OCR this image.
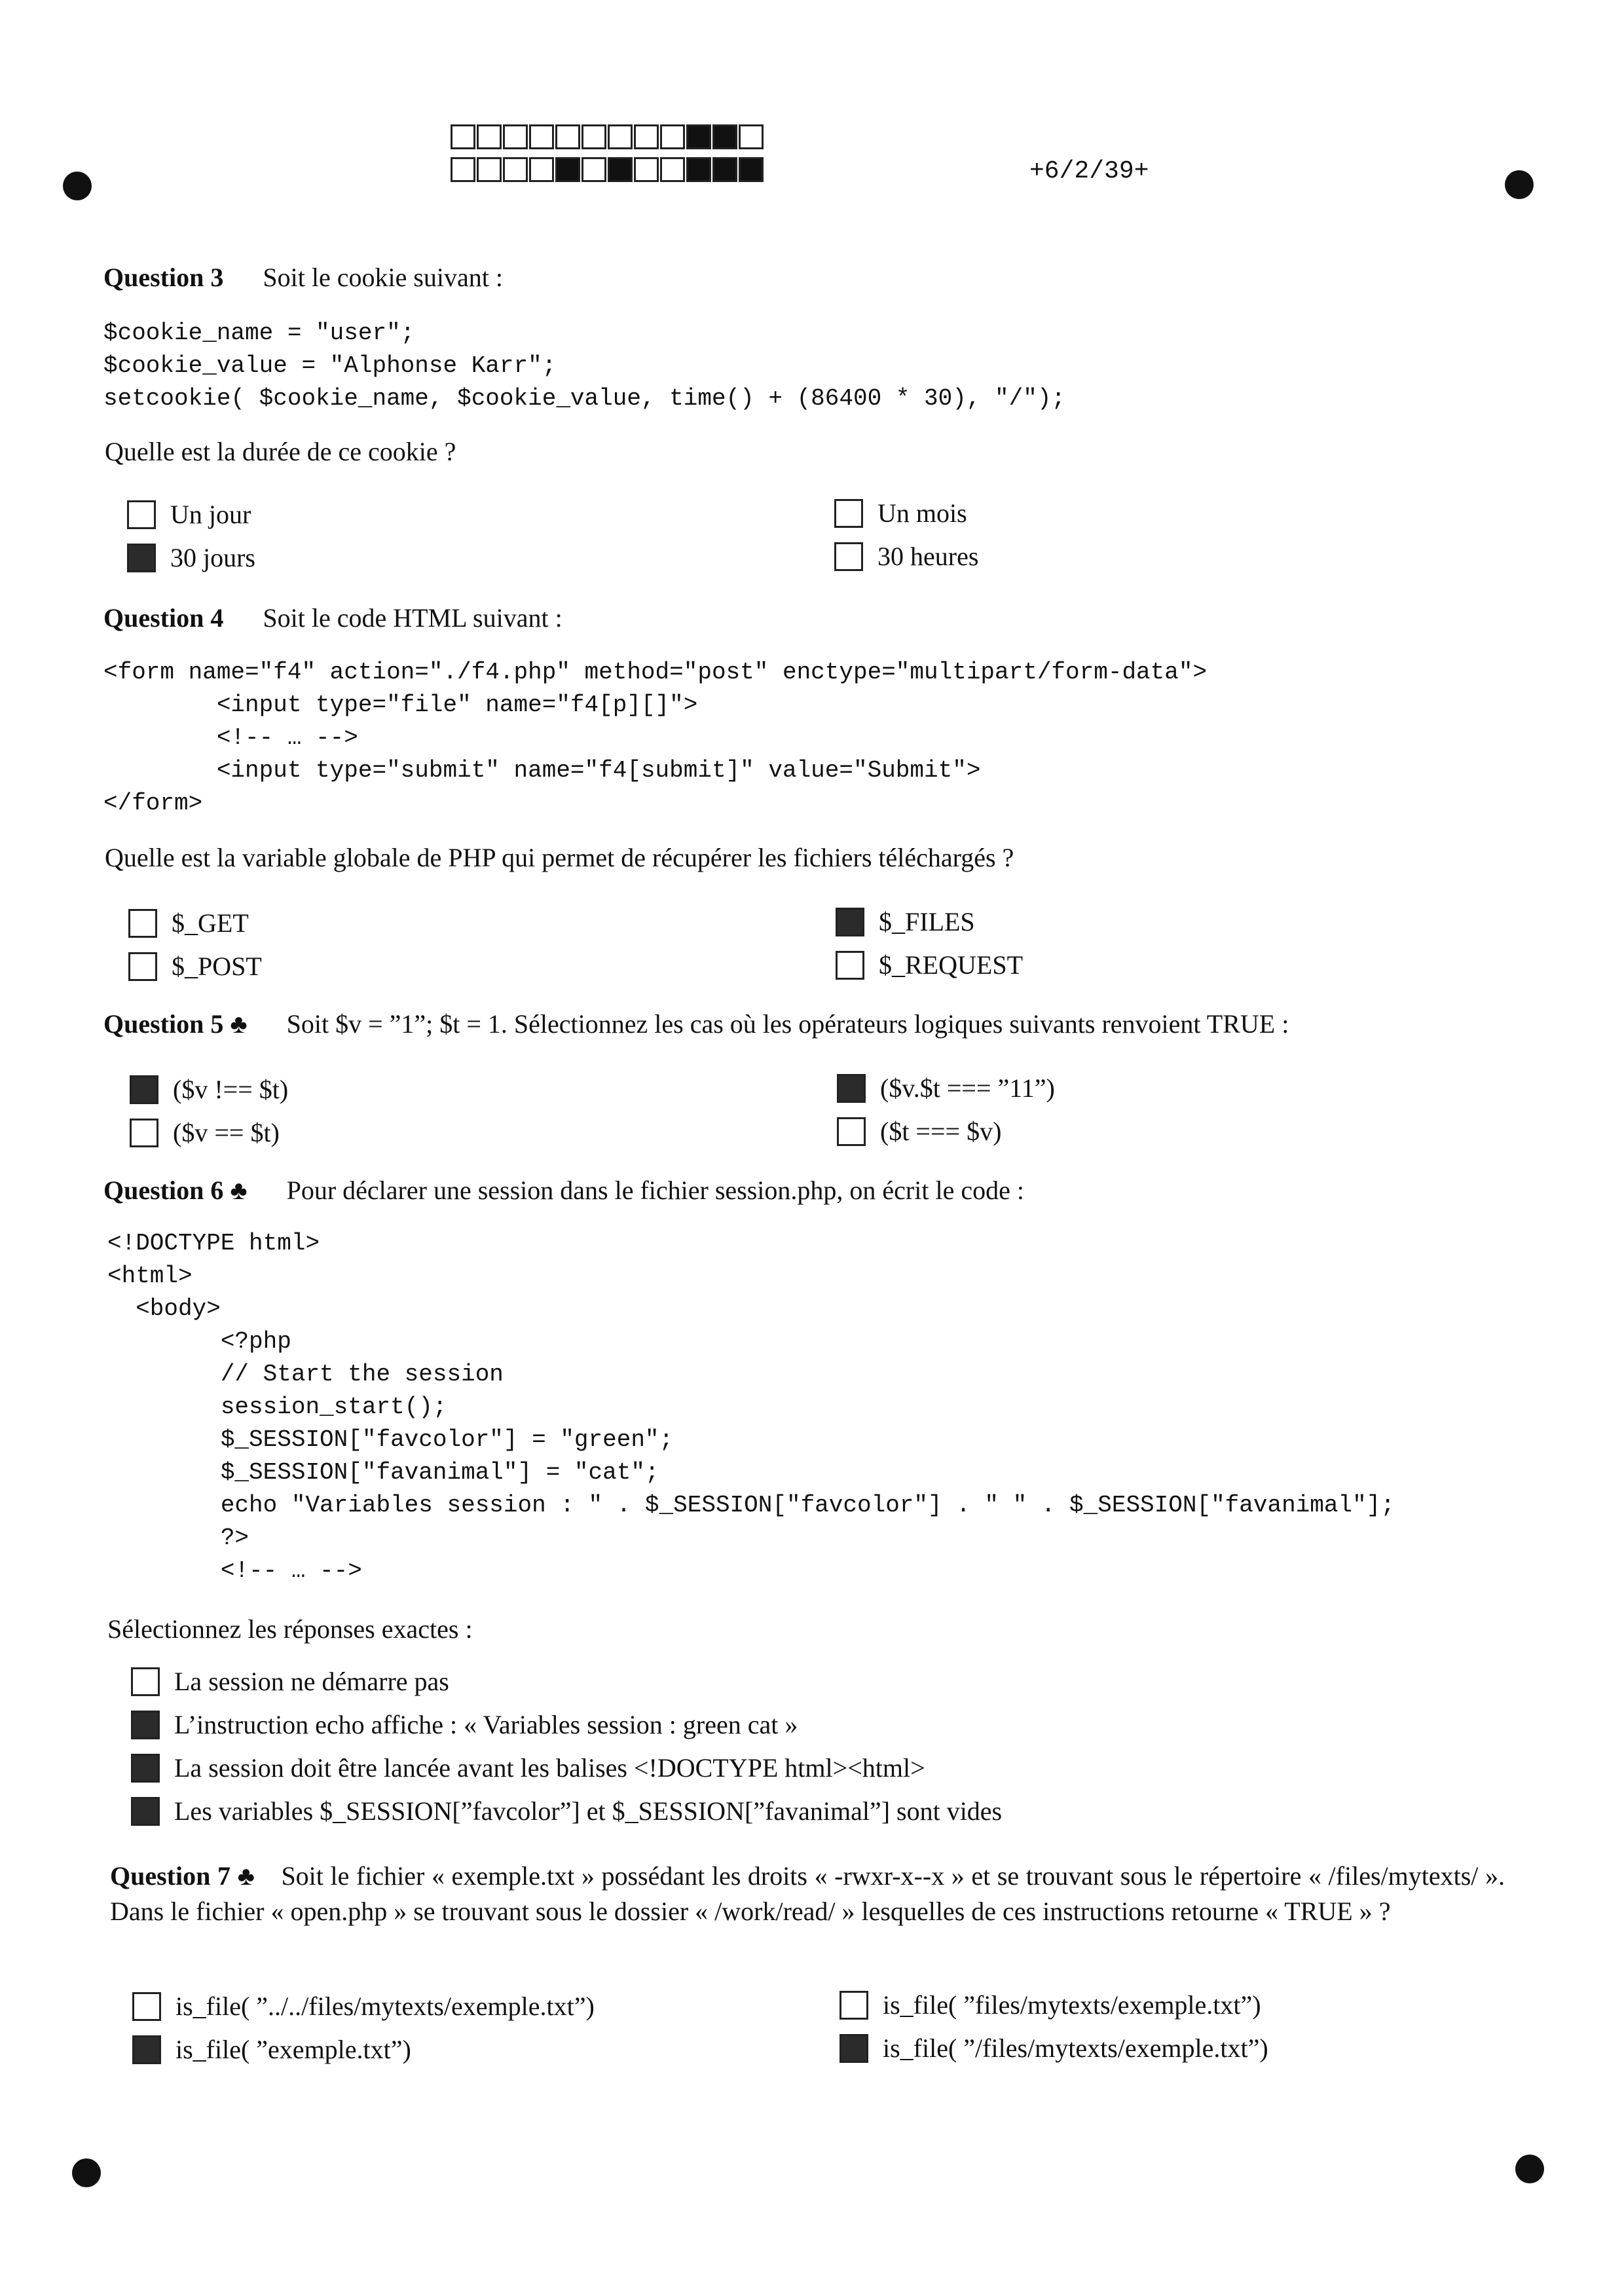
+6/2/39+
Question 3 Soit le cookie suivant :
$cookie_name = "user";
$cookie_value = "Alphonse Karr";
setcookie( $cookie_name, $cookie_value, time() + (86400 * 30), "/");
Quelle est la durée de ce cookie ?
Un jour	Un mois
30 jours	30 heures
Question 4 Soit le code HTML suivant :
<form name="f4" action="./f4.php" method="post" enctype="multipart/form-data">
<input type="file" name="f4[p][]">
<!-- … -->
<input type="submit" name="f4[submit]" value="Submit">
</form>
Quelle est la variable globale de PHP qui permet de récupérer les fichiers téléchargés ?
$_GET	$_FILES
$_POST	$_REQUEST
Question 5 ♣ Soit $v = ”1”; $t = 1. Sélectionnez les cas où les opérateurs logiques suivants renvoient TRUE :
($v !== $t)	($v.$t === ”11”)
($v == $t)	($t === $v)
Question 6 ♣ Pour déclarer une session dans le fichier session.php, on écrit le code :
<!DOCTYPE html>
<html>
<body>
<?php
// Start the session
session_start();
$_SESSION["favcolor"] = "green";
$_SESSION["favanimal"] = "cat";
echo "Variables session : " . $_SESSION["favcolor"] . " " . $_SESSION["favanimal"];
?>
<!-- … -->
Sélectionnez les réponses exactes :
La session ne démarre pas
L’instruction echo affiche : « Variables session : green cat »
La session doit être lancée avant les balises <!DOCTYPE html><html>
Les variables $_SESSION[”favcolor”] et $_SESSION[”favanimal”] sont vides
Question 7 ♣ Soit le fichier « exemple.txt » possédant les droits « -rwxr-x--x » et se trouvant sous le répertoire « /files/mytexts/ ». Dans le fichier « open.php » se trouvant sous le dossier « /work/read/ » lesquelles de ces instructions retourne « TRUE » ?
is_file( ”../../files/mytexts/exemple.txt”)	is_file( ”files/mytexts/exemple.txt”)
is_file( ”exemple.txt”)	is_file( ”/files/mytexts/exemple.txt”)
